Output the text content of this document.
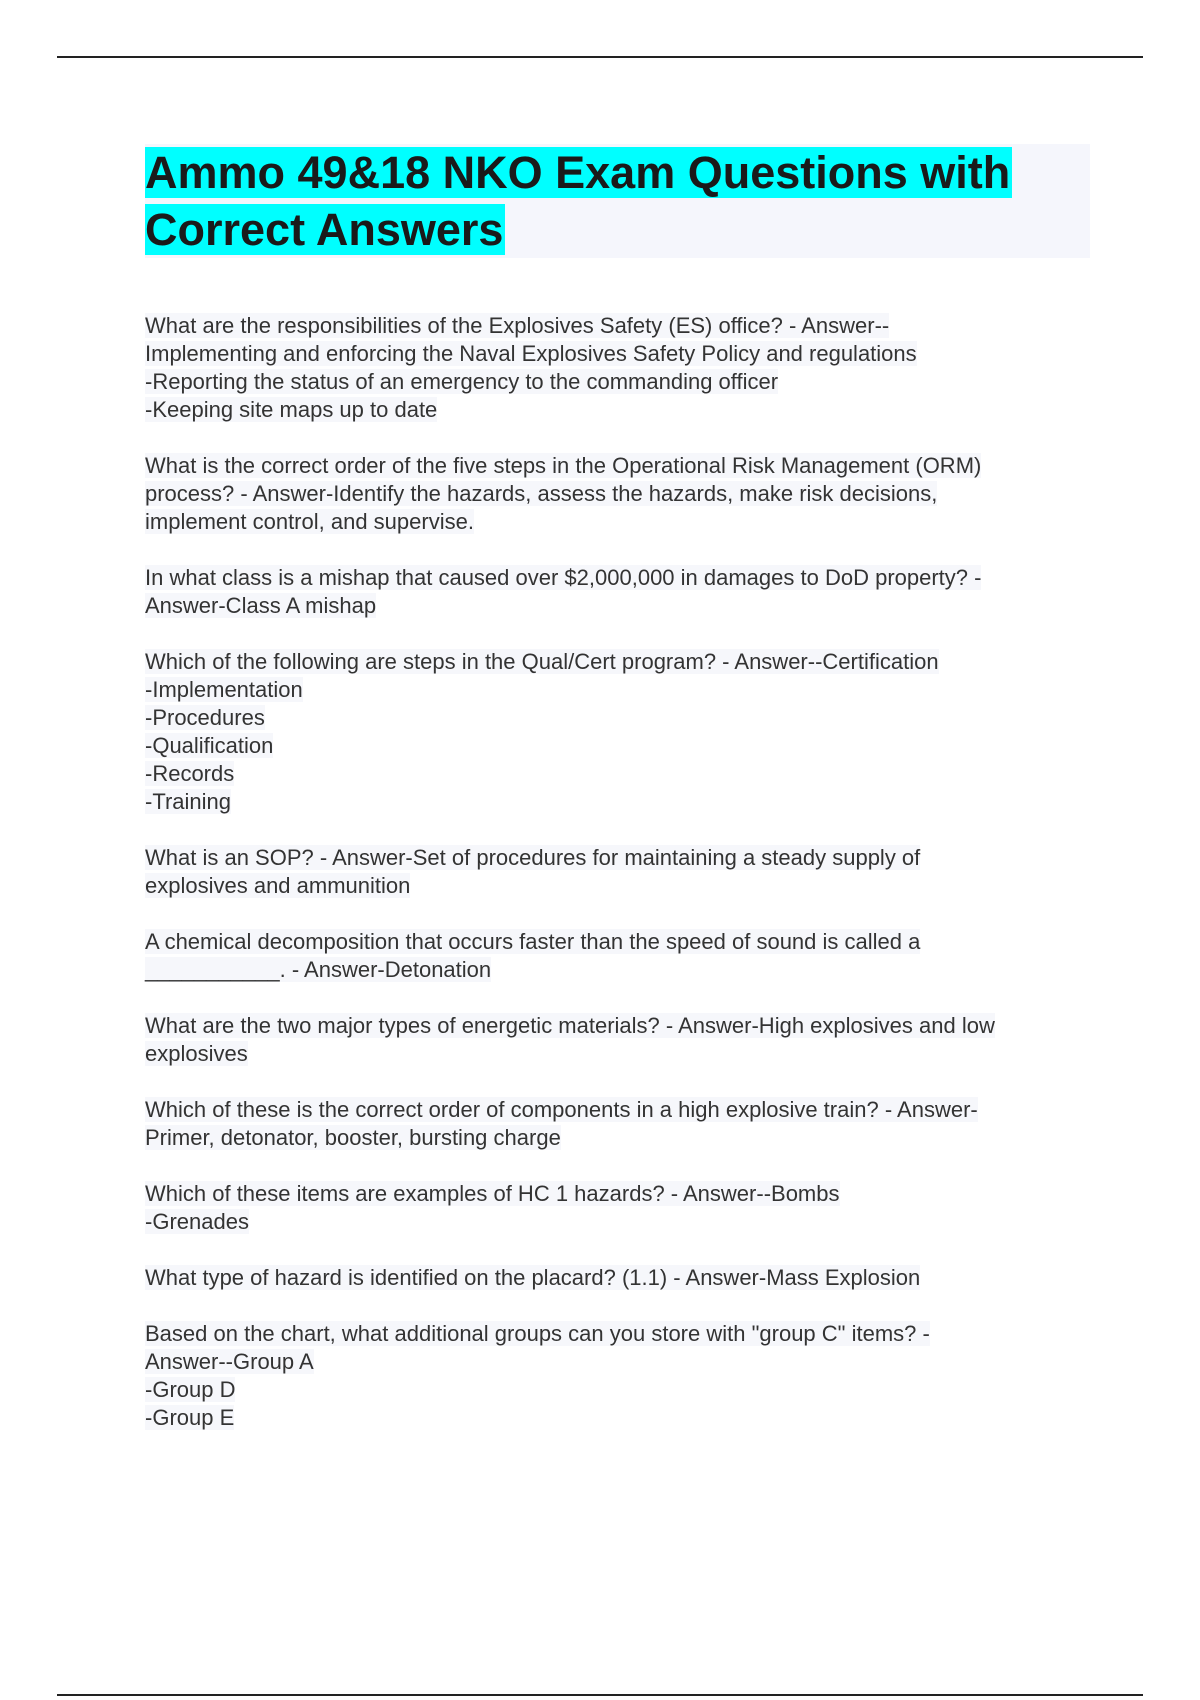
Ammo 49&18 NKO Exam Questions with

Correct Answers

What are the responsibilities of the Explosives Safety (ES) office? - Answer--
Implementing and enforcing the Naval Explosives Safety Policy and regulations
-Reporting the status of an emergency to the commanding officer
-Keeping site maps up to date
What is the correct order of the five steps in the Operational Risk Management (ORM)
process? - Answer-Identify the hazards, assess the hazards, make risk decisions,
implement control, and supervise.
In what class is a mishap that caused over $2,000,000 in damages to DoD property? -
Answer-Class A mishap
Which of the following are steps in the Qual/Cert program? - Answer--Certification
-Implementation
-Procedures
-Qualification
-Records
-Training
What is an SOP? - Answer-Set of procedures for maintaining a steady supply of
explosives and ammunition
A chemical decomposition that occurs faster than the speed of sound is called a
___________. - Answer-Detonation
What are the two major types of energetic materials? - Answer-High explosives and low
explosives
Which of these is the correct order of components in a high explosive train? - Answer-
Primer, detonator, booster, bursting charge
Which of these items are examples of HC 1 hazards? - Answer--Bombs
-Grenades
What type of hazard is identified on the placard? (1.1) - Answer-Mass Explosion
Based on the chart, what additional groups can you store with "group C" items? -
Answer--Group A
-Group D
-Group E
